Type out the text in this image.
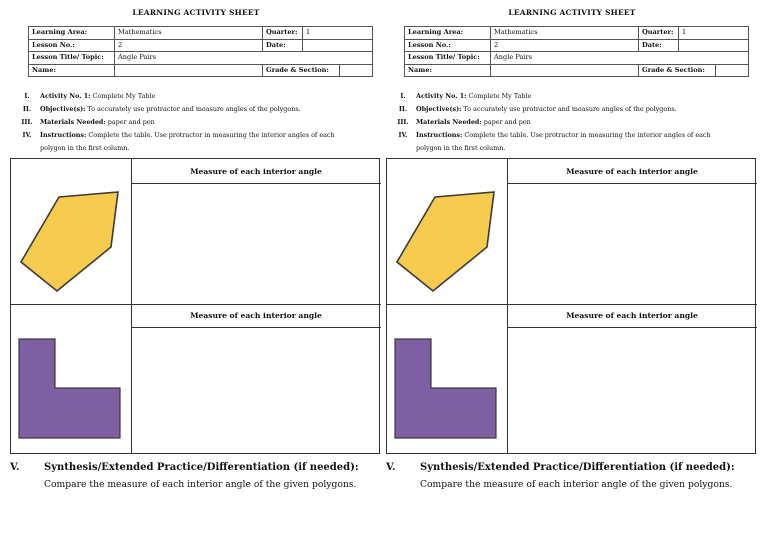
LEARNING ACTIVITY SHEET
Learning Area:	Mathematics	Quarter:	1
Lesson No.:	2	Date:	
Lesson Title/ Topic:	Angle Pairs		
Name:		Grade & Section:	
I.	Activity No. 1: Complete My Table
II.	Objective(s): To accurately use protractor and measure angles of the polygons.
III.	Materials Needed: paper and pen
IV.	Instructions: Complete the table. Use protractor in measuring the interior angles of each
polygon in the first column.
Measure of each interior angle
Measure of each interior angle
V.	Synthesis/Extended Practice/Differentiation (if needed):
Compare the measure of each interior angle of the given polygons.
LEARNING ACTIVITY SHEET
Learning Area:	Mathematics	Quarter:	1
Lesson No.:	2	Date:	
Lesson Title/ Topic:	Angle Pairs		
Name:		Grade & Section:	
I.	Activity No. 1: Complete My Table
II.	Objective(s): To accurately use protractor and measure angles of the polygons.
III.	Materials Needed: paper and pen
IV.	Instructions: Complete the table. Use protractor in measuring the interior angles of each
polygon in the first column.
Measure of each interior angle
Measure of each interior angle
V.	Synthesis/Extended Practice/Differentiation (if needed):
Compare the measure of each interior angle of the given polygons.
